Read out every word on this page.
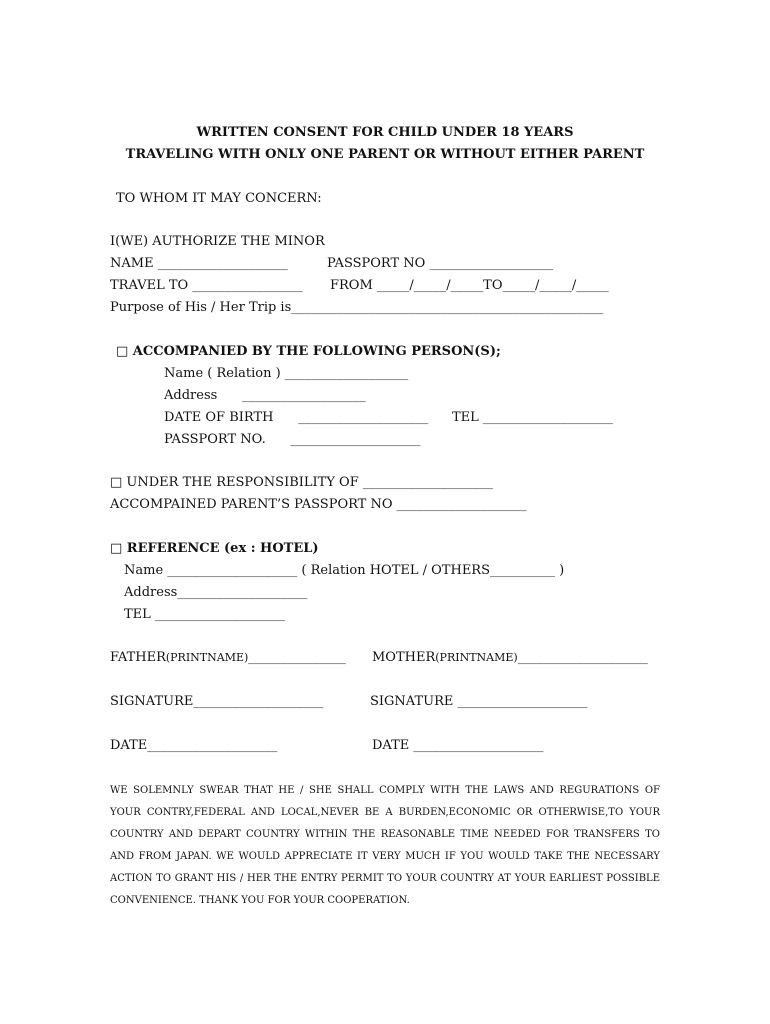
WRITTEN CONSENT FOR CHILD UNDER 18 YEARS
TRAVELING WITH ONLY ONE PARENT OR WITHOUT EITHER PARENT
TO WHOM IT MAY CONCERN:
I(WE) AUTHORIZE THE MINOR
NAME ____________________	PASSPORT NO ___________________
TRAVEL TO _________________ FROM _____/_____/_____TO_____/_____/_____
Purpose of His / Her Trip is________________________________________________
□ ACCOMPANIED BY THE FOLLOWING PERSON(S);
Name ( Relation ) ___________________
Address      ___________________
DATE OF BIRTH      ____________________ TEL ____________________
PASSPORT NO.      ____________________
□ UNDER THE RESPONSIBILITY OF ____________________
ACCOMPAINED PARENT’S PASSPORT NO ____________________
□ REFERENCE (ex : HOTEL)
Name ____________________ ( Relation HOTEL / OTHERS__________ )
Address____________________
TEL ____________________
FATHER(PRINTNAME)_______________ MOTHER(PRINTNAME)____________________
SIGNATURE____________________	SIGNATURE ____________________
DATE____________________	DATE ____________________
WE SOLEMNLY SWEAR THAT HE / SHE SHALL COMPLY WITH THE LAWS AND REGURATIONS OF YOUR CONTRY,FEDERAL AND LOCAL,NEVER BE A BURDEN,ECONOMIC OR OTHERWISE,TO YOUR COUNTRY AND DEPART COUNTRY WITHIN THE REASONABLE TIME NEEDED FOR TRANSFERS TO AND FROM JAPAN. WE WOULD APPRECIATE IT VERY MUCH IF YOU WOULD TAKE THE NECESSARY ACTION TO GRANT HIS / HER THE ENTRY PERMIT TO YOUR COUNTRY AT YOUR EARLIEST POSSIBLE CONVENIENCE. THANK YOU FOR YOUR COOPERATION.
